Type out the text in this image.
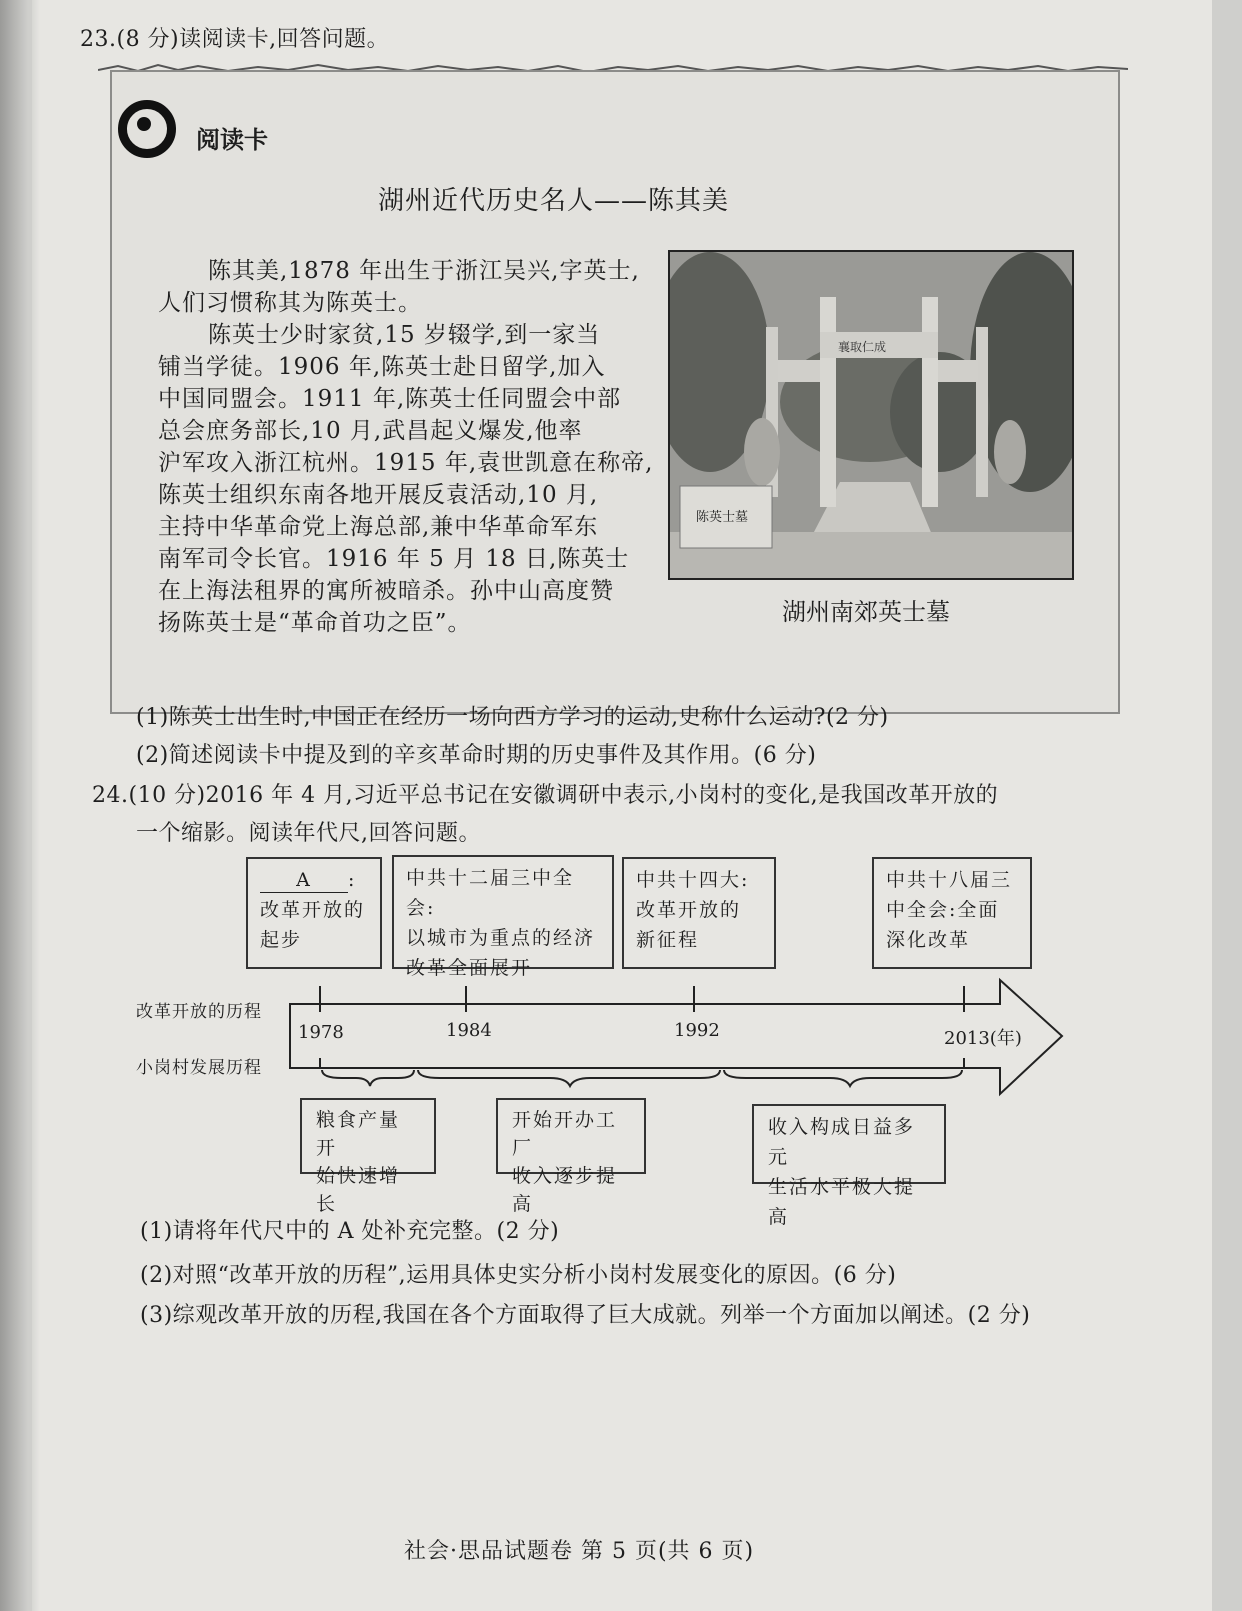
23.(8 分)读阅读卡,回答问题。
阅读卡
湖州近代历史名人——陈其美
陈其美,1878 年出生于浙江吴兴,字英士,
人们习惯称其为陈英士。
陈英士少时家贫,15 岁辍学,到一家当
铺当学徒。1906 年,陈英士赴日留学,加入
中国同盟会。1911 年,陈英士任同盟会中部
总会庶务部长,10 月,武昌起义爆发,他率
沪军攻入浙江杭州。1915 年,袁世凯意在称帝,
陈英士组织东南各地开展反袁活动,10 月,
主持中华革命党上海总部,兼中华革命军东
南军司令长官。1916 年 5 月 18 日,陈英士
在上海法租界的寓所被暗杀。孙中山高度赞
扬陈英士是“革命首功之臣”。
陈英士墓
襄取仁成
湖州南郊英士墓
(1)陈英士出生时,中国正在经历一场向西方学习的运动,史称什么运动?(2 分)
(2)简述阅读卡中提及到的辛亥革命时期的历史事件及其作用。(6 分)
24.(10 分)2016 年 4 月,习近平总书记在安徽调研中表示,小岗村的变化,是我国改革开放的
一个缩影。阅读年代尺,回答问题。
A :
改革开放的
起步
中共十二届三中全会:
以城市为重点的经济
改革全面展开
中共十四大:
改革开放的
新征程
中共十八届三
中全会:全面
深化改革
改革开放的历程
小岗村发展历程
1978	1984	1992	2013(年)
粮食产量开
始快速增长
开始开办工厂
收入逐步提高
收入构成日益多元
生活水平极大提高
(1)请将年代尺中的 A 处补充完整。(2 分)
(2)对照“改革开放的历程”,运用具体史实分析小岗村发展变化的原因。(6 分)
(3)综观改革开放的历程,我国在各个方面取得了巨大成就。列举一个方面加以阐述。(2 分)
社会·思品试题卷 第 5 页(共 6 页)
